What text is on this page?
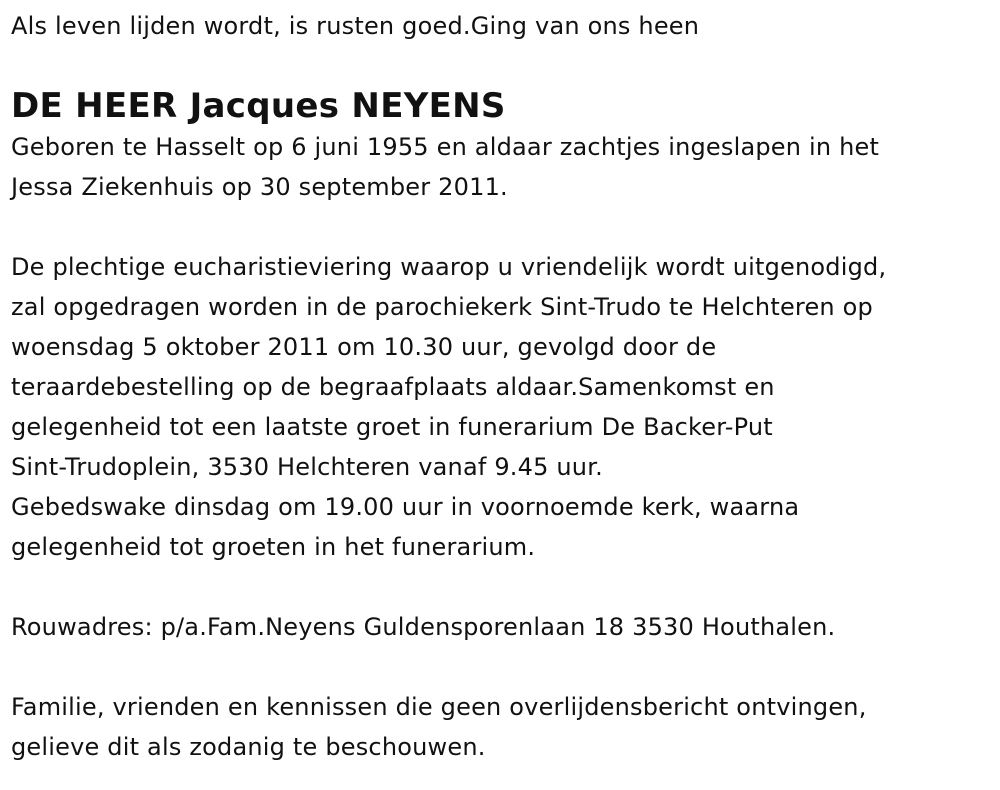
Als leven lijden wordt, is rusten goed.Ging van ons heen
DE HEER Jacques NEYENS
Geboren te Hasselt op 6 juni 1955 en aldaar zachtjes ingeslapen in het
Jessa Ziekenhuis op 30 september 2011.
De plechtige eucharistieviering waarop u vriendelijk wordt uitgenodigd,
zal opgedragen worden in de parochiekerk Sint-Trudo te Helchteren op
woensdag 5 oktober 2011 om 10.30 uur, gevolgd door de
teraardebestelling op de begraafplaats aldaar.Samenkomst en
gelegenheid tot een laatste groet in funerarium De Backer-Put
Sint-Trudoplein, 3530 Helchteren vanaf 9.45 uur.
Gebedswake dinsdag om 19.00 uur in voornoemde kerk, waarna
gelegenheid tot groeten in het funerarium.
Rouwadres: p/a.Fam.Neyens Guldensporenlaan 18 3530 Houthalen.
Familie, vrienden en kennissen die geen overlijdensbericht ontvingen,
gelieve dit als zodanig te beschouwen.
